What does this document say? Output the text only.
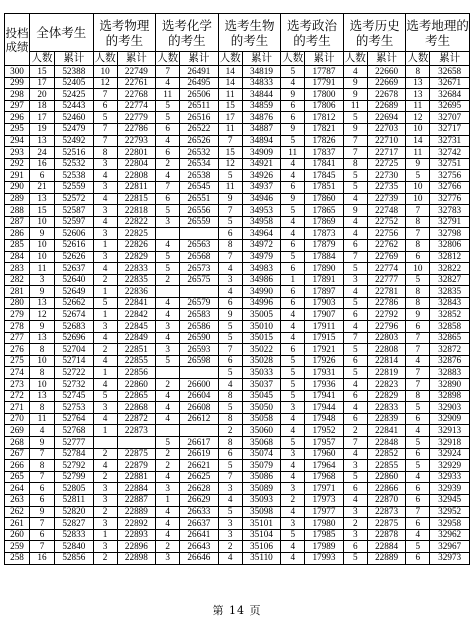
投档
成绩	全体考生		选考物理的考生		选考化学的考生		选考生物的考生		选考政治的考生		选考历史的考生		选考地理的考生	
	人数	累计	人数	累计	人数	累计	人数	累计	人数	累计	人数	累计	人数	累计
300	15	52388	10	22749	7	26491	14	34819	5	17787	4	22660	8	32658
299	17	52405	12	22761	4	26495	14	34833	4	17791	9	22669	13	32671
298	20	52425	7	22768	11	26506	11	34844	9	17800	9	22678	13	32684
297	18	52443	6	22774	5	26511	15	34859	6	17806	11	22689	11	32695
296	17	52460	5	22779	5	26516	17	34876	6	17812	5	22694	12	32707
295	19	52479	7	22786	6	26522	11	34887	9	17821	9	22703	10	32717
294	13	52492	7	22793	4	26526	7	34894	5	17826	7	22710	14	32731
293	24	52516	8	22801	6	26532	15	34909	11	17837	7	22717	11	32742
292	16	52532	3	22804	2	26534	12	34921	4	17841	8	22725	9	32751
291	6	52538	4	22808	4	26538	5	34926	4	17845	5	22730	5	32756
290	21	52559	3	22811	7	26545	11	34937	6	17851	5	22735	10	32766
289	13	52572	4	22815	6	26551	9	34946	9	17860	4	22739	10	32776
288	15	52587	3	22818	5	26556	7	34953	5	17865	9	22748	7	32783
287	10	52597	4	22822	3	26559	5	34958	4	17869	4	22752	8	32791
286	9	52606	3	22825			6	34964	4	17873	4	22756	7	32798
285	10	52616	1	22826	4	26563	8	34972	6	17879	6	22762	8	32806
284	10	52626	3	22829	5	26568	7	34979	5	17884	7	22769	6	32812
283	11	52637	4	22833	5	26573	4	34983	6	17890	5	22774	10	32822
282	3	52640	2	22835	2	26575	3	34986	1	17891	3	22777	5	32827
281	9	52649	1	22836			4	34990	6	17897	4	22781	8	32835
280	13	52662	5	22841	4	26579	6	34996	6	17903	5	22786	8	32843
279	12	52674	1	22842	4	26583	9	35005	4	17907	6	22792	9	32852
278	9	52683	3	22845	3	26586	5	35010	4	17911	4	22796	6	32858
277	13	52696	4	22849	4	26590	5	35015	4	17915	7	22803	7	32865
276	8	52704	2	22851	3	26593	7	35022	6	17921	5	22808	7	32872
275	10	52714	4	22855	5	26598	6	35028	5	17926	6	22814	4	32876
274	8	52722	1	22856			5	35033	5	17931	5	22819	7	32883
273	10	52732	4	22860	2	26600	4	35037	5	17936	4	22823	7	32890
272	13	52745	5	22865	4	26604	8	35045	5	17941	6	22829	8	32898
271	8	52753	3	22868	4	26608	5	35050	3	17944	4	22833	5	32903
270	11	52764	4	22872	4	26612	8	35058	4	17948	6	22839	6	32909
269	4	52768	1	22873			2	35060	4	17952	2	22841	4	32913
268	9	52777			5	26617	8	35068	5	17957	7	22848	5	32918
267	7	52784	2	22875	2	26619	6	35074	3	17960	4	22852	6	32924
266	8	52792	4	22879	2	26621	5	35079	4	17964	3	22855	5	32929
265	7	52799	2	22881	4	26625	7	35086	4	17968	5	22860	4	32933
264	6	52805	3	22884	3	26628	3	35089	3	17971	6	22866	6	32939
263	6	52811	3	22887	1	26629	4	35093	2	17973	4	22870	6	32945
262	9	52820	2	22889	4	26633	5	35098	4	17977	3	22873	7	32952
261	7	52827	3	22892	4	26637	3	35101	3	17980	2	22875	6	32958
260	6	52833	1	22893	4	26641	3	35104	5	17985	3	22878	4	32962
259	7	52840	3	22896	2	26643	2	35106	4	17989	6	22884	5	32967
258	16	52856	2	22898	3	26646	4	35110	4	17993	5	22889	6	32973
第 14 页
